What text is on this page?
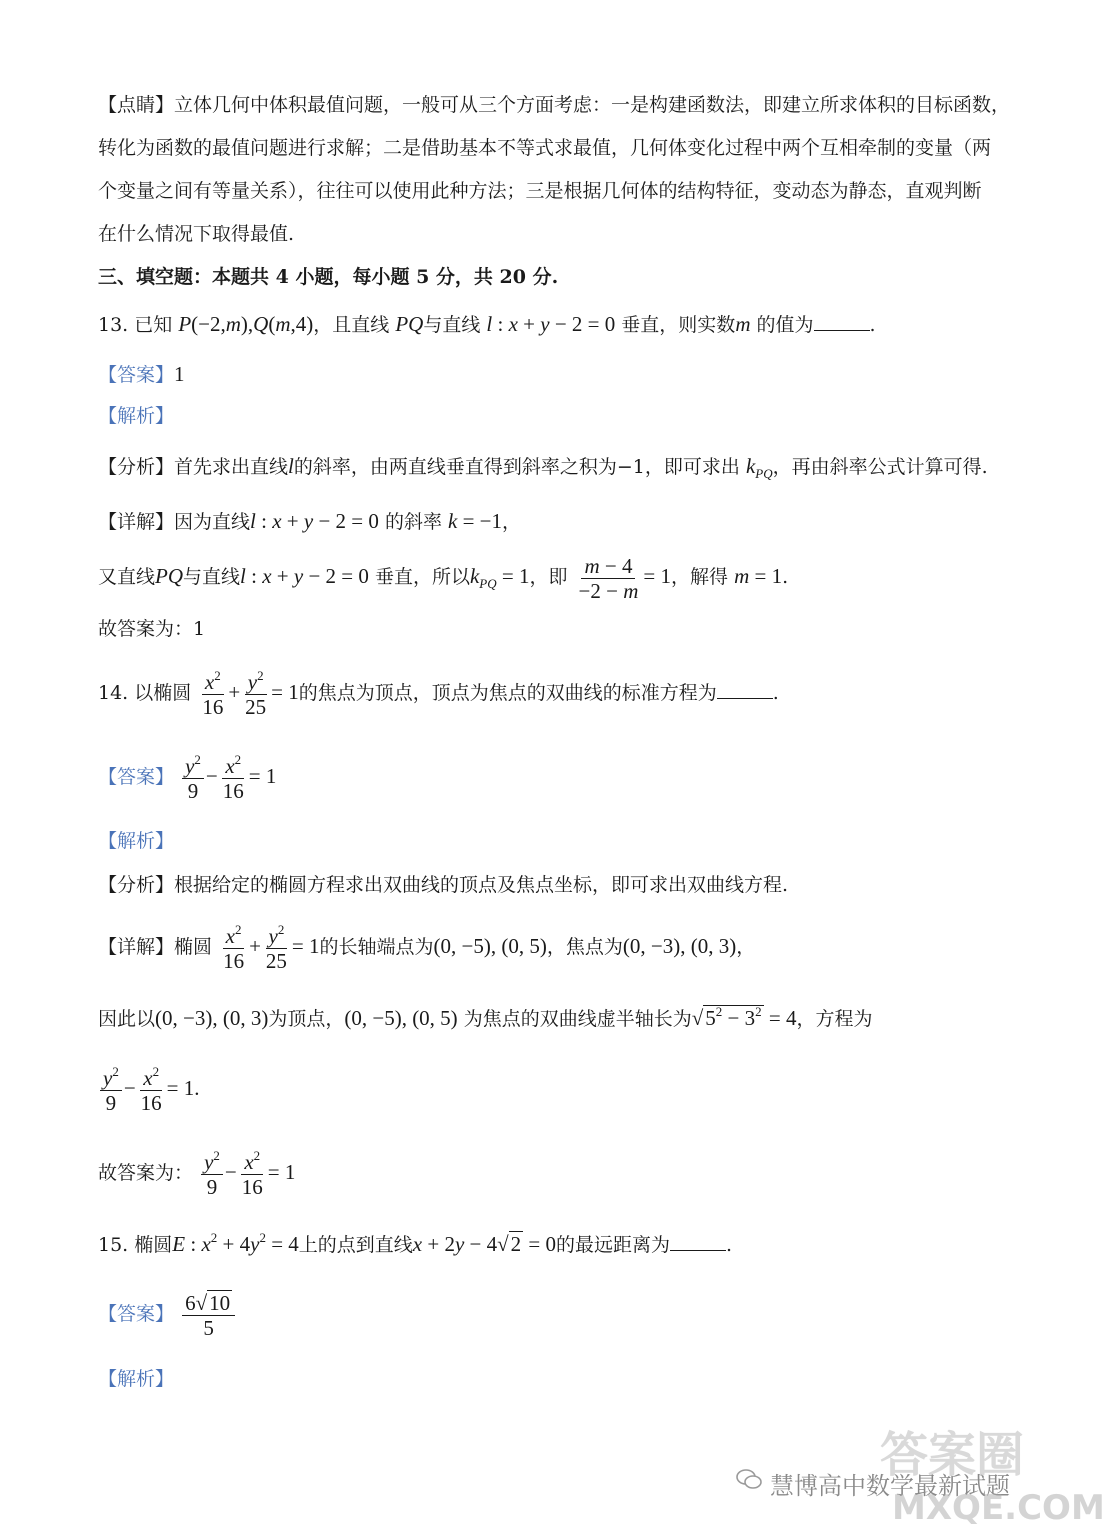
【点睛】立体几何中体积最值问题，一般可从三个方面考虑：一是构建函数法，即建立所求体积的目标函数，
转化为函数的最值问题进行求解；二是借助基本不等式求最值，几何体变化过程中两个互相牵制的变量（两
个变量之间有等量关系），往往可以使用此种方法；三是根据几何体的结构特征，变动态为静态，直观判断
在什么情况下取得最值.
三、填空题：本题共 4 小题，每小题 5 分，共 20 分.
13. 已知 P(−2,m),Q(m,4)，且直线 PQ与直线 l : x + y − 2 = 0 垂直，则实数m 的值为	.
【答案】1
【解析】
【分析】首先求出直线l的斜率，由两直线垂直得到斜率之积为−1，即可求出 $k_{PQ}$，再由斜率公式计算可得.
【详解】因为直线l : x + y − 2 = 0 的斜率 k = −1，
又直线PQ与直线l : x + y − 2 = 0 垂直，所以$k_{PQ} = 1$，即 $\frac{m - 4}{-2 - m} = 1$，解得 m = 1.
故答案为：1
14. 以椭圆 $\frac{x^2}{16} + \frac{y^2}{25} = 1$的焦点为顶点，顶点为焦点的双曲线的标准方程为	.
【答案】 $\frac{y^2}{9} - \frac{x^2}{16} = 1$
【解析】
【分析】根据给定的椭圆方程求出双曲线的顶点及焦点坐标，即可求出双曲线方程.
【详解】椭圆 $\frac{x^2}{16} + \frac{y^2}{25} = 1$的长轴端点为(0, −5), (0, 5)，焦点为(0, −3), (0, 3)，
因此以(0, −3), (0, 3)为顶点，(0, −5), (0, 5) 为焦点的双曲线虚半轴长为$√5^2 - 3^2 = 4$，方程为
$\frac{y^2}{9} - \frac{x^2}{16} = 1$.
故答案为： $\frac{y^2}{9} - \frac{x^2}{16} = 1$
15. 椭圆E : $x^2 + 4y^2 = 4$上的点到直线x + 2y − 4√2 = 0的最远距离为	.
【答案】 $\frac{6√10}{5}$
【解析】
慧博高中数学最新试题
答案圈
MXQE.COM
